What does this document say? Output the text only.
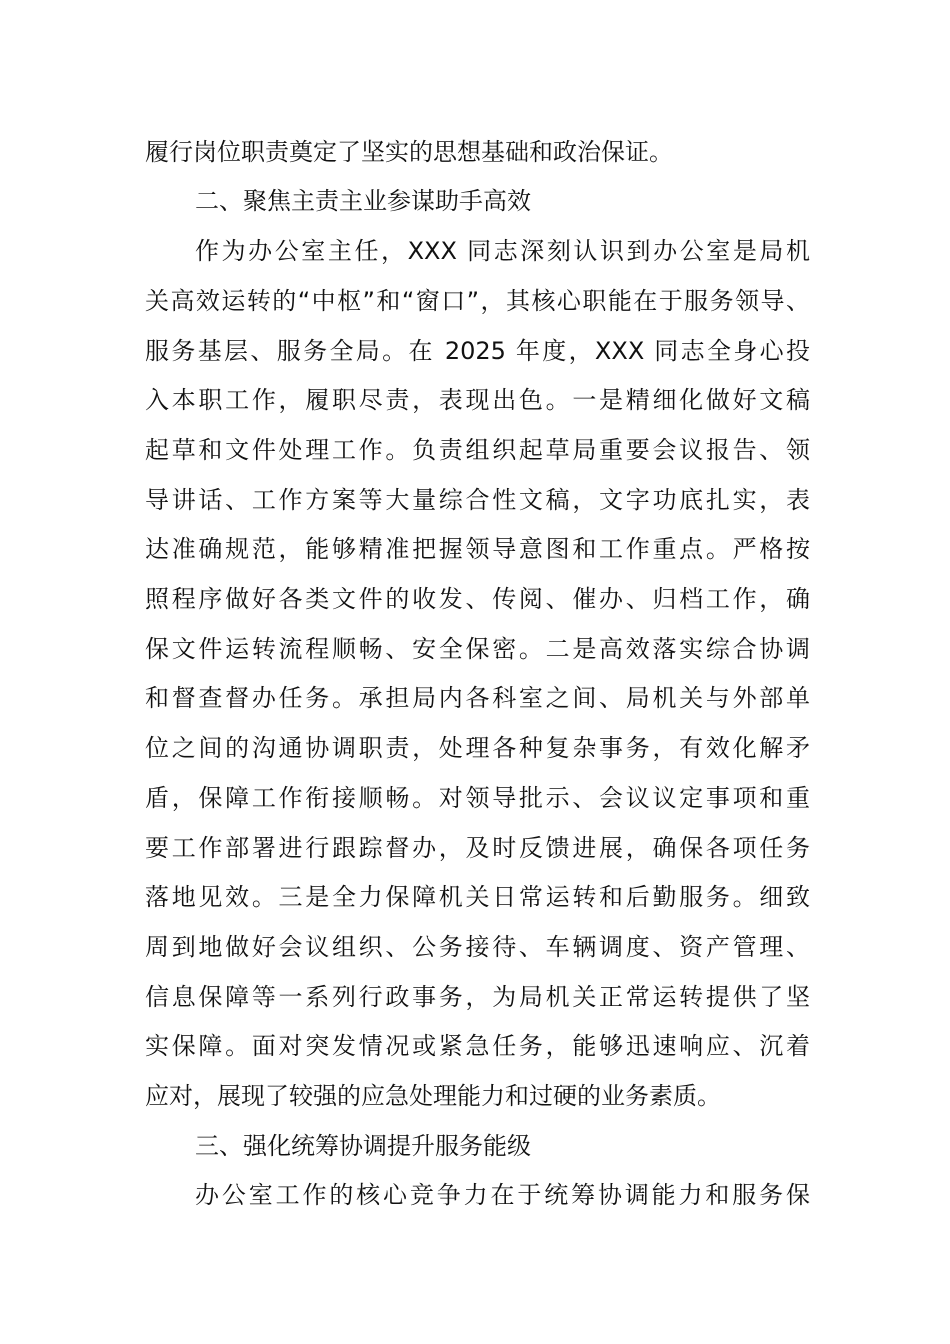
履行岗位职责奠定了坚实的思想基础和政治保证。
二、聚焦主责主业参谋助手高效
作为办公室主任，XXX 同志深刻认识到办公室是局机
关高效运转的“中枢”和“窗口”，其核心职能在于服务领导、
服务基层、服务全局。在 2025 年度，XXX 同志全身心投
入本职工作，履职尽责，表现出色。一是精细化做好文稿
起草和文件处理工作。负责组织起草局重要会议报告、领
导讲话、工作方案等大量综合性文稿，文字功底扎实，表
达准确规范，能够精准把握领导意图和工作重点。严格按
照程序做好各类文件的收发、传阅、催办、归档工作，确
保文件运转流程顺畅、安全保密。二是高效落实综合协调
和督查督办任务。承担局内各科室之间、局机关与外部单
位之间的沟通协调职责，处理各种复杂事务，有效化解矛
盾，保障工作衔接顺畅。对领导批示、会议议定事项和重
要工作部署进行跟踪督办，及时反馈进展，确保各项任务
落地见效。三是全力保障机关日常运转和后勤服务。细致
周到地做好会议组织、公务接待、车辆调度、资产管理、
信息保障等一系列行政事务，为局机关正常运转提供了坚
实保障。面对突发情况或紧急任务，能够迅速响应、沉着
应对，展现了较强的应急处理能力和过硬的业务素质。
三、强化统筹协调提升服务能级
办公室工作的核心竞争力在于统筹协调能力和服务保
